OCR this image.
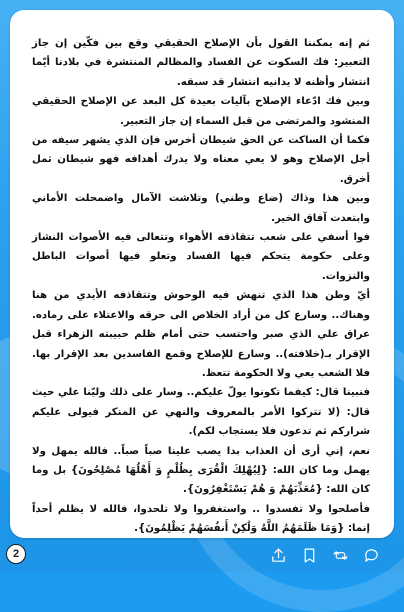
ثم إنه يمكننا القول بأن الإصلاح الحقيقي وقع بين فكّين إن جاز التعبير: فك السكوت عن الفساد والمظالم المنتشرة في بلادنا أيّما انتشار وأظنه لا يدانيه انتشار قد سبقه.

وبين فك ادّعاء الإصلاح بآليات بعيدة كل البعد عن الإصلاح الحقيقي المنشود والمرتضى من قبل السماء إن جاز التعبير.

فكما أن الساكت عن الحق شيطان أخرس فإن الذي يشهر سيفه من أجل الإصلاح وهو لا يعي معناه ولا يدرك أهدافه فهو شيطان ثمل أخرق.

وبين هذا وذاك (ضاع وطني) وتلاشت الآمال واضمحلت الأماني وابتعدت آفاق الخير.

فوا أسفي على شعب تتقاذفه الأهواء وتتعالى فيه الأصوات النشاز وعلى حكومة يتحكم فيها الفساد وتعلو فيها أصوات الباطل والنزوات.

أيّ وطن هذا الذي تنهش فيه الوحوش وتتقاذفه الأيدي من هنا وهناك.. وسارع كل من أراد الخلاص الى حرقه والاعتلاء على رماده. عراق علي الذي صبر واحتسب حتى أمام ظلم حبيبته الزهراء قبل الإقرار بـ(خلافته).. وسارع للإصلاح وقمع الفاسدين بعد الإقرار بها. فلا الشعب يعي ولا الحكومة تتعظ.

فنبينا قال: كيفما تكونوا يولّ عليكم.. وسار على ذلك وليّنا علي حيث قال: (لا تتركوا الأمر بالمعروف والنهي عن المنكر فيولى عليكم شراركم ثم تدعون فلا يستجاب لكم).

نعم، إني أرى أن العذاب بدا يصب علينا صباً صباً.. فالله يمهل ولا يهمل وما كان الله: {لِيُهْلِكَ الْقُرَى بِظُلْمٍ وَ أَهْلُهَا مُصْلِحُونَ} بل وما كان الله: {مُعَذِّبَهُمْ وَ هُمْ يَسْتَغْفِرُونَ}.

فأصلحوا ولا تفسدوا .. واستغفروا ولا تلحدوا، فالله لا يظلم أحداً إنما: {وَمَا ظَلَمَهُمُ اللَّهُ وَلَٰكِنْ أَنفُسَهُمْ يَظْلِمُونَ}.

2
